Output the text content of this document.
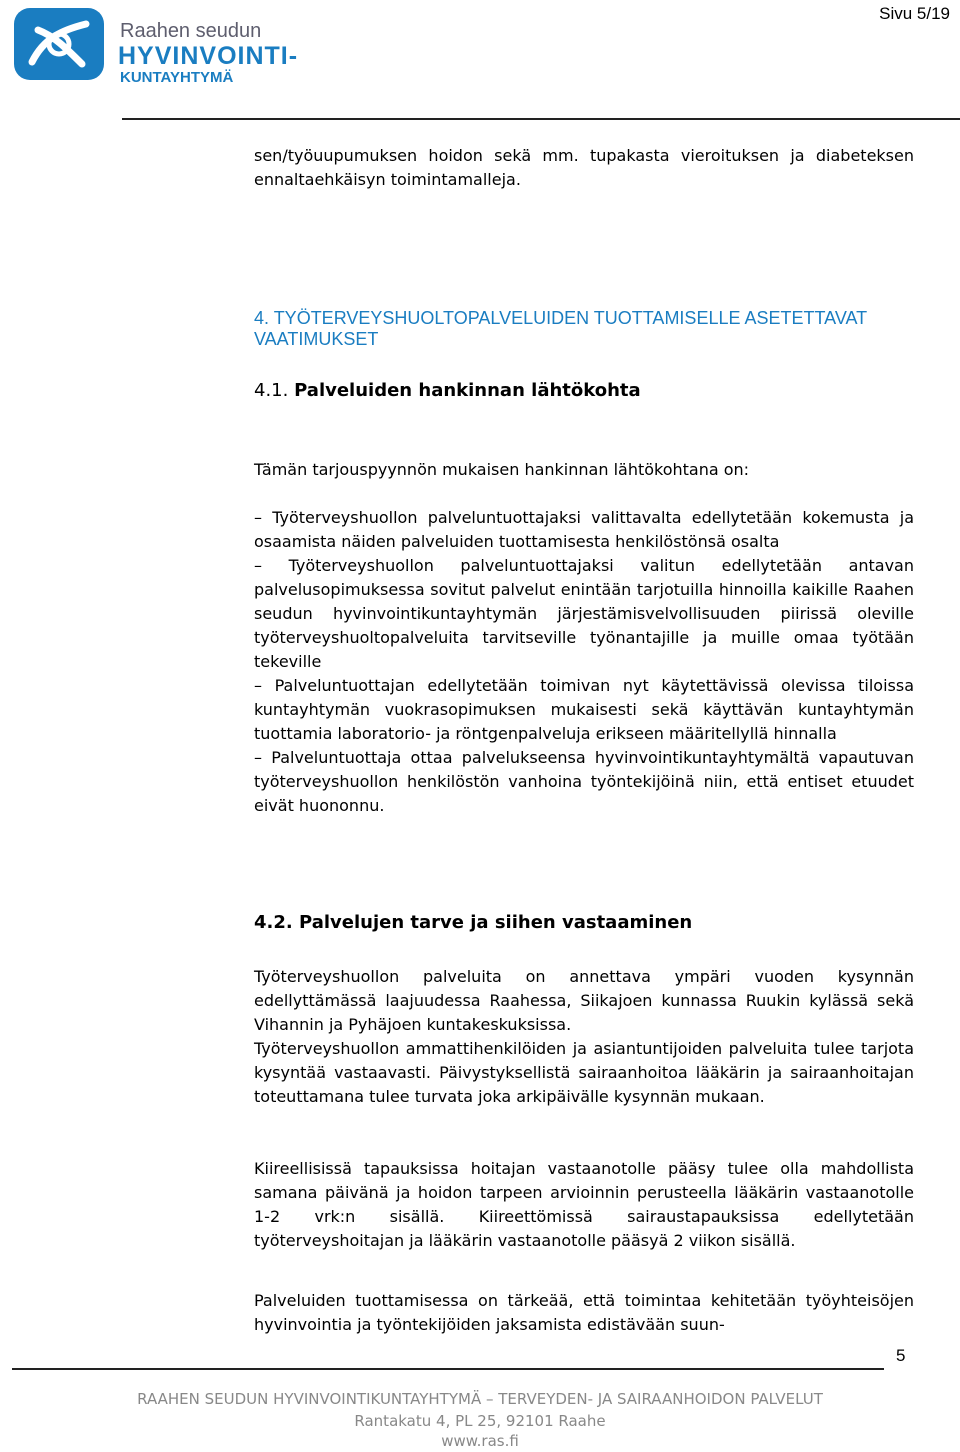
Raahen seudun
HYVINVOINTI-
KUNTAYHTYMÄ
Sivu 5/19

sen/työuupumuksen hoidon sekä mm. tupakasta vieroituksen ja diabeteksen ennaltaehkäisyn toimintamalleja.

4. TYÖTERVEYSHUOLTOPALVELUIDEN TUOTTAMISELLE ASETETTAVAT VAATIMUKSET
4.1. Palveluiden hankinnan lähtökohta

Tämän tarjouspyynnön mukaisen hankinnan lähtökohtana on:

– Työterveyshuollon palveluntuottajaksi valittavalta edellytetään kokemusta ja osaamista näiden palveluiden tuottamisesta henkilöstönsä osalta

– Työterveyshuollon palveluntuottajaksi valitun edellytetään antavan palvelusopimuksessa sovitut palvelut enintään tarjotuilla hinnoilla kaikille Raahen seudun hyvinvointikuntayhtymän järjestämisvelvollisuuden piirissä oleville työterveyshuoltopalveluita tarvitseville työnantajille ja muille omaa työtään tekeville

– Palveluntuottajan edellytetään toimivan nyt käytettävissä olevissa tiloissa kuntayhtymän vuokrasopimuksen mukaisesti sekä käyttävän kuntayhtymän tuottamia laboratorio- ja röntgenpalveluja erikseen määritellyllä hinnalla

– Palveluntuottaja ottaa palvelukseensa hyvinvointikuntayhtymältä vapautuvan työterveyshuollon henkilöstön vanhoina työntekijöinä niin, että entiset etuudet eivät huononnu.

4.2. Palvelujen tarve ja siihen vastaaminen

Työterveyshuollon palveluita on annettava ympäri vuoden kysynnän edellyttämässä laajuudessa Raahessa, Siikajoen kunnassa Ruukin kylässä sekä Vihannin ja Pyhäjoen kuntakeskuksissa.

Työterveyshuollon ammattihenkilöiden ja asiantuntijoiden palveluita tulee tarjota kysyntää vastaavasti. Päivystyksellistä sairaanhoitoa lääkärin ja sairaanhoitajan toteuttamana tulee turvata joka arkipäiväll​e kysynnän mukaan.

Kiireellisissä tapauksissa hoitajan vastaanotolle pääsy tulee olla mahdollista samana päivänä ja hoidon tarpeen arvioinnin perusteella lääkärin vastaanotolle 1-2 vrk:n sisällä. Kiireettömissä sairaustapauksissa edellytetään työterveyshoitajan ja lääkärin vastaanotolle pääsyä 2 viikon sisällä.

Palveluiden tuottamisessa on tärkeää, että toimintaa kehitetään työyhteisöjen hyvinvointia ja työntekijöiden jaksamista edistävään suun-

5
RAAHEN SEUDUN HYVINVOINTIKUNTAYHTYMÄ – TERVEYDEN- JA SAIRAANHOIDON PALVELUT
Rantakatu 4, PL 25, 92101 Raahe
www.ras.fi
